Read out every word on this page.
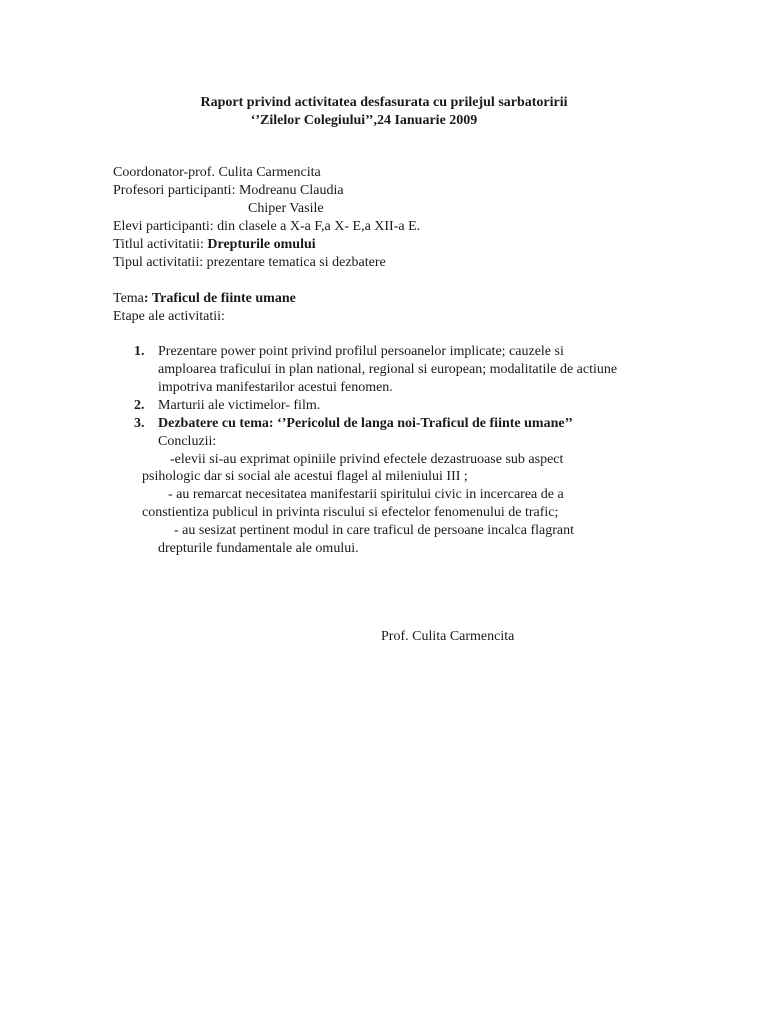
Raport privind activitatea desfasurata cu prilejul sarbatoririi
‘’Zilelor Colegiului’’,24 Ianuarie 2009
Coordonator-prof. Culita Carmencita
Profesori participanti: Modreanu Claudia
Chiper Vasile
Elevi participanti: din clasele a X-a F,a X- E,a XII-a E.
Titlul activitatii: Drepturile omului
Tipul activitatii: prezentare tematica si dezbatere
Tema: Traficul de fiinte umane
Etape ale activitatii:
1. Prezentare power point privind profilul persoanelor implicate; cauzele si
amploarea traficului in plan national, regional si european; modalitatile de actiune
impotriva manifestarilor acestui fenomen.
2. Marturii ale victimelor- film.
3. Dezbatere cu tema: ‘’Pericolul de langa noi-Traficul de fiinte umane’’
Concluzii:
-elevii si-au exprimat opiniile privind efectele dezastruoase sub aspect
psihologic dar si social ale acestui flagel al mileniului III ;
- au remarcat necesitatea manifestarii spiritului civic in incercarea de a
constientiza publicul in privinta riscului si efectelor fenomenului de trafic;
- au sesizat pertinent modul in care traficul de persoane incalca flagrant
drepturile fundamentale ale omului.
Prof. Culita Carmencita
